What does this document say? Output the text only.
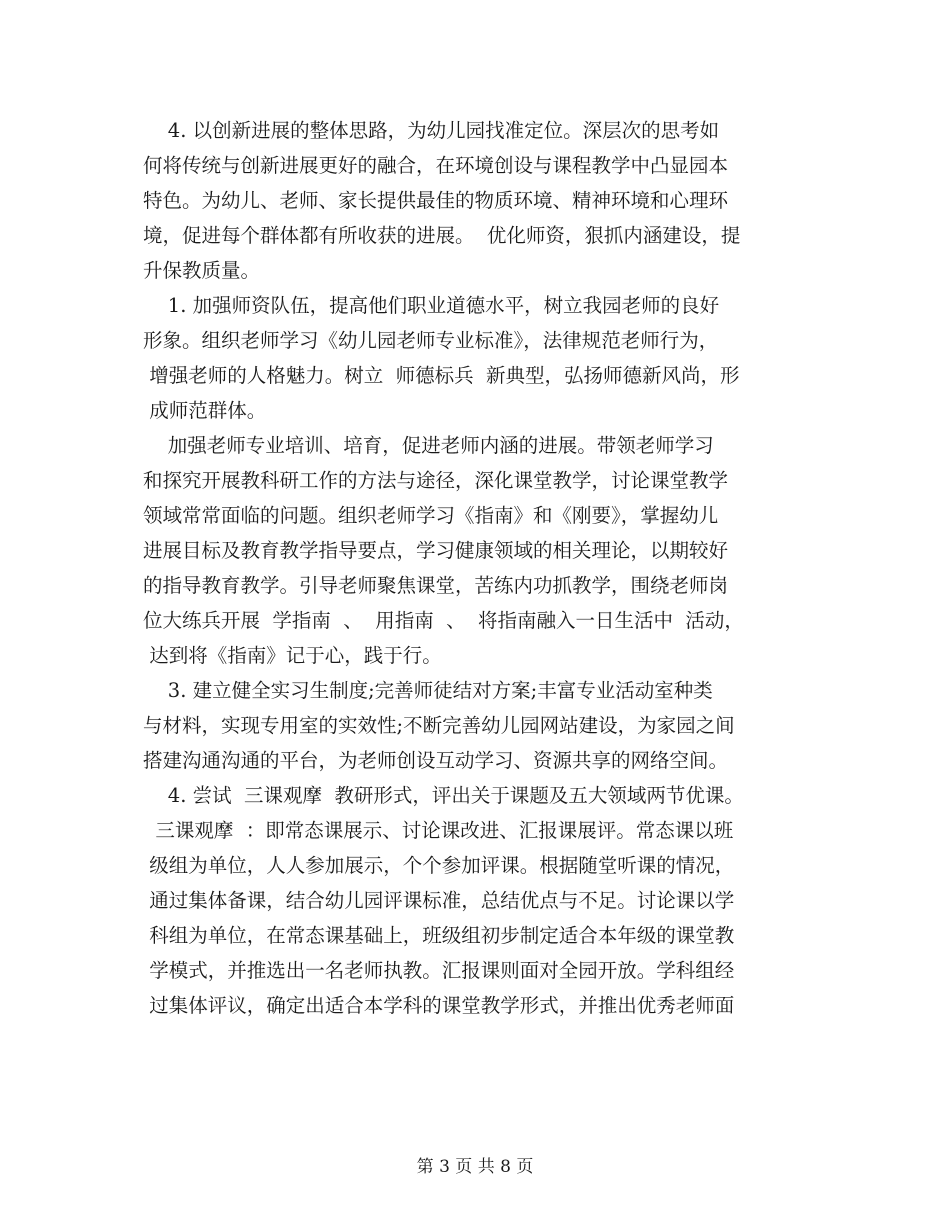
4. 以创新进展的整体思路，为幼儿园找准定位。深层次的思考如
何将传统与创新进展更好的融合，在环境创设与课程教学中凸显园本
特色。为幼儿、老师、家长提供最佳的物质环境、精神环境和心理环
境，促进每个群体都有所收获的进展。  优化师资，狠抓内涵建设，提
升保教质量。
1. 加强师资队伍，提高他们职业道德水平，树立我园老师的良好
形象。组织老师学习《幼儿园老师专业标准》，法律规范老师行为，
增强老师的人格魅力。树立  师德标兵  新典型，弘扬师德新风尚，形
成师范群体。
加强老师专业培训、培育，促进老师内涵的进展。带领老师学习
和探究开展教科研工作的方法与途径，深化课堂教学，讨论课堂教学
领域常常面临的问题。组织老师学习《指南》和《刚要》，掌握幼儿
进展目标及教育教学指导要点，学习健康领域的相关理论，以期较好
的指导教育教学。引导老师聚焦课堂，苦练内功抓教学，围绕老师岗
位大练兵开展  学指南  、  用指南  、  将指南融入一日生活中  活动，
达到将《指南》记于心，践于行。
3. 建立健全实习生制度;完善师徒结对方案;丰富专业活动室种类
与材料，实现专用室的实效性;不断完善幼儿园网站建设，为家园之间
搭建沟通沟通的平台，为老师创设互动学习、资源共享的网络空间。
4. 尝试  三课观摩  教研形式，评出关于课题及五大领域两节优课。
三课观摩  ：即常态课展示、讨论课改进、汇报课展评。常态课以班
级组为单位，人人参加展示，个个参加评课。根据随堂听课的情况，
通过集体备课，结合幼儿园评课标准，总结优点与不足。讨论课以学
科组为单位，在常态课基础上，班级组初步制定适合本年级的课堂教
学模式，并推选出一名老师执教。汇报课则面对全园开放。学科组经
过集体评议，确定出适合本学科的课堂教学形式，并推出优秀老师面
第 3 页 共 8 页
